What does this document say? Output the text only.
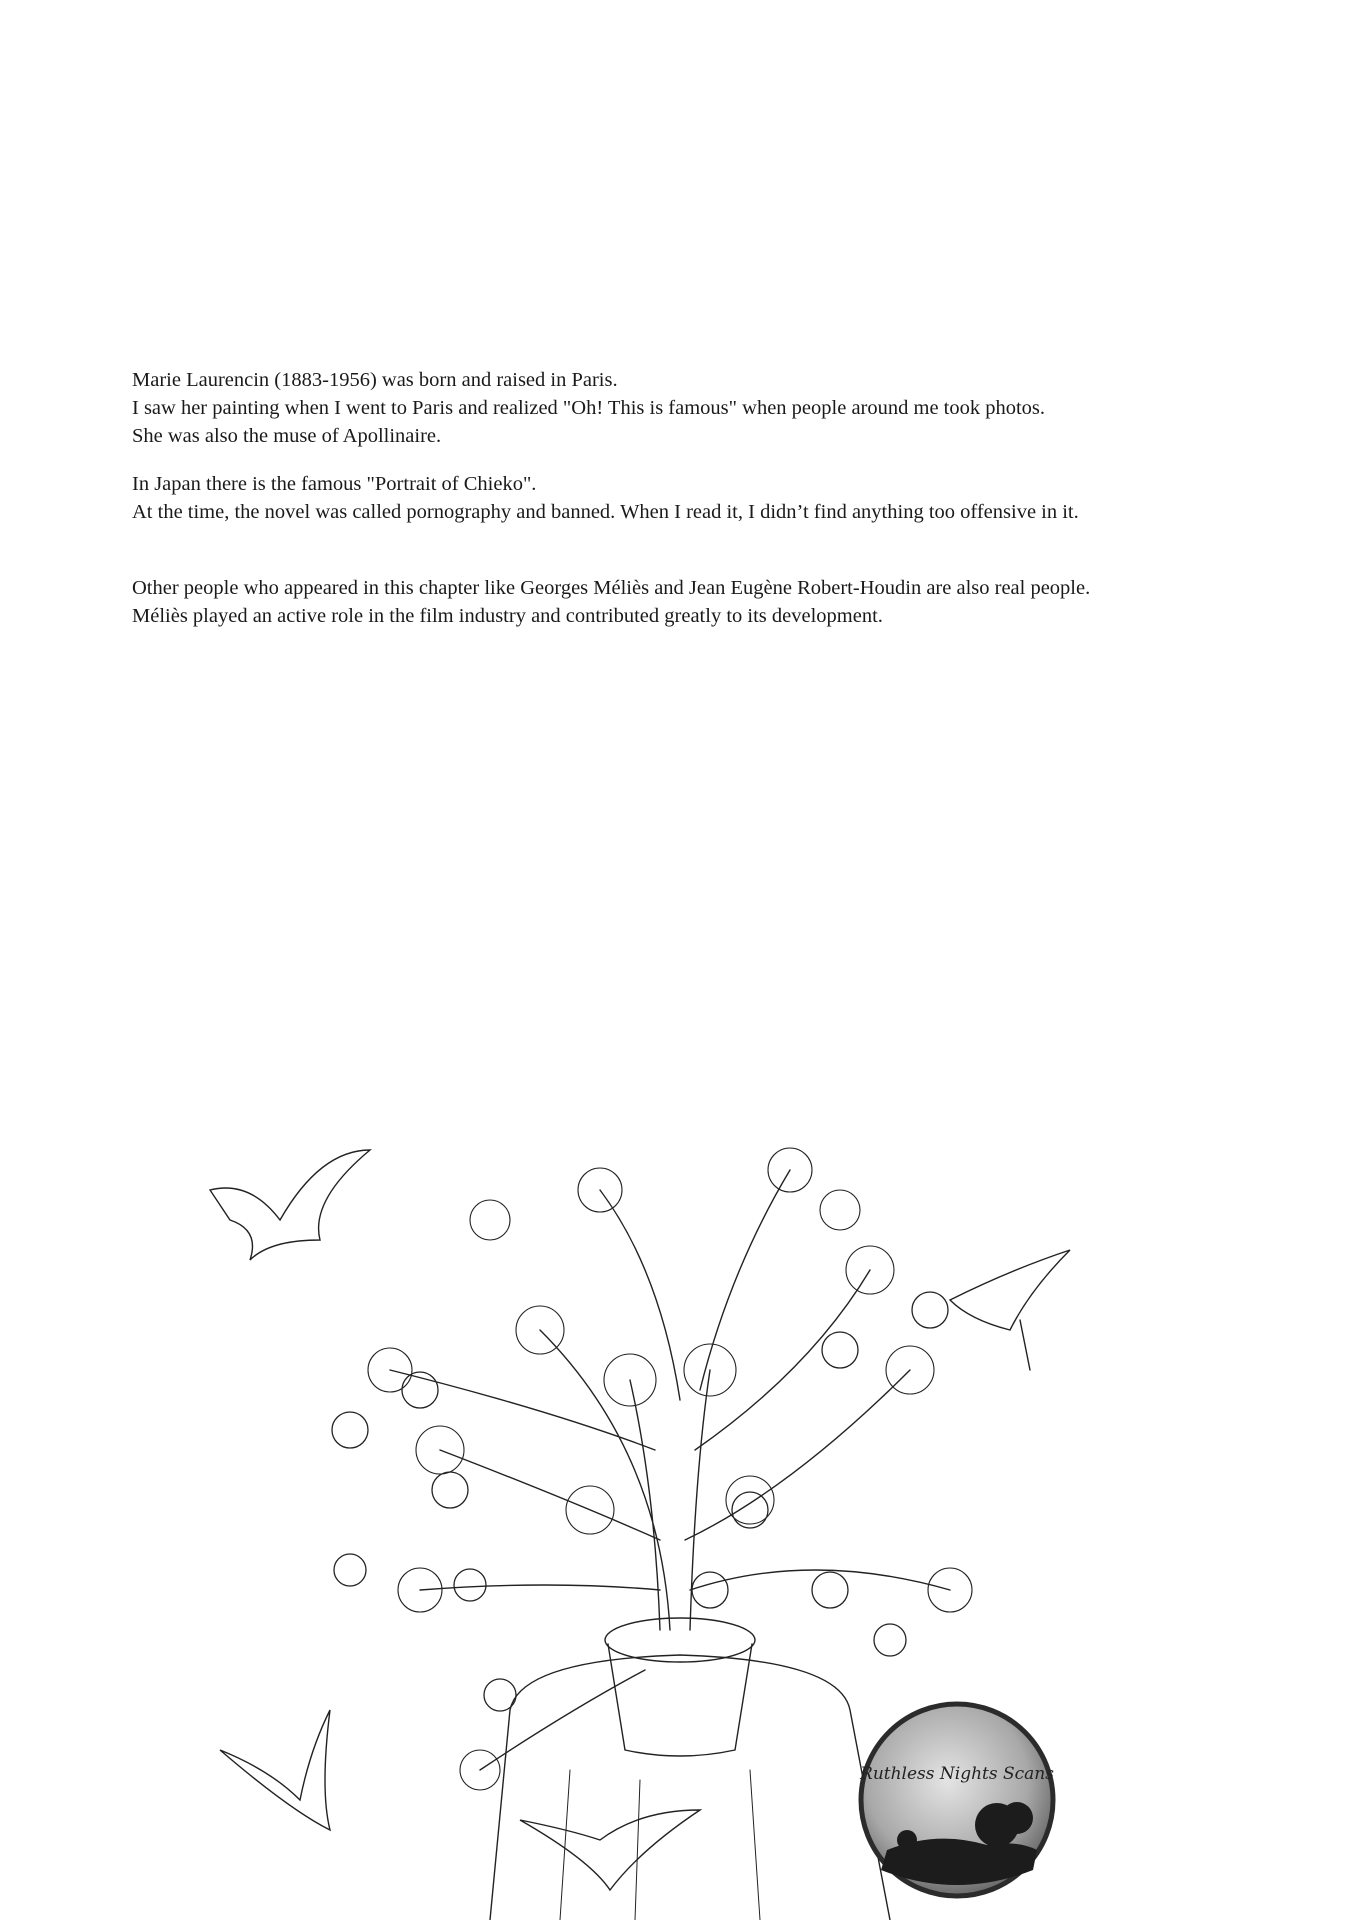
Marie Laurencin (1883-1956) was born and raised in Paris.

I saw her painting when I went to Paris and realized "Oh! This is famous" when people around me took photos.

She was also the muse of Apollinaire.

In Japan there is the famous "Portrait of Chieko".

At the time, the novel was called pornography and banned. When I read it, I didn’t find anything too offensive in it.

Other people who appeared in this chapter like Georges Méliès and Jean Eugène Robert-Houdin are also real people.

Méliès played an active role in the film industry and contributed greatly to its development.

Ruthless Nights Scans
